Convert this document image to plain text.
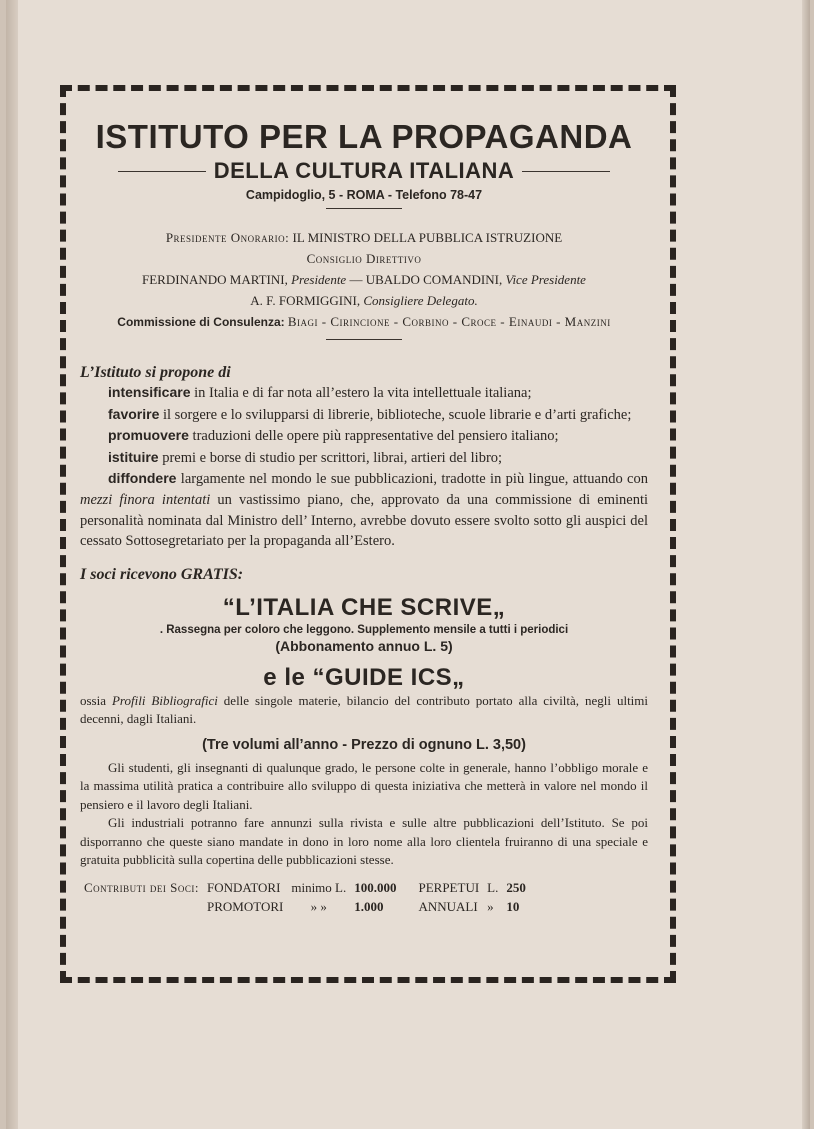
ISTITUTO PER LA PROPAGANDA
DELLA CULTURA ITALIANA
Campidoglio, 5 - ROMA - Telefono 78-47
Presidente Onorario: IL MINISTRO DELLA PUBBLICA ISTRUZIONE
Consiglio Direttivo
FERDINANDO MARTINI, Presidente — UBALDO COMANDINI, Vice Presidente
A. F. FORMIGGINI, Consigliere Delegato.
Commissione di Consulenza: Biagi - Cirincione - Corbino - Croce - Einaudi - Manzini
L’Istituto si propone di
intensificare in Italia e di far nota all’estero la vita intellettuale italiana;
favorire il sorgere e lo svilupparsi di librerie, biblioteche, scuole librarie e d’arti grafiche;
promuovere traduzioni delle opere più rappresentative del pensiero italiano;
istituire premi e borse di studio per scrittori, librai, artieri del libro;
diffondere largamente nel mondo le sue pubblicazioni, tradotte in più lingue, attuando con mezzi finora intentati un vastissimo piano, che, approvato da una commissione di eminenti personalità nominata dal Ministro dell’ Interno, avrebbe dovuto essere svolto sotto gli auspici del cessato Sottosegretariato per la propaganda all’Estero.
I soci ricevono GRATIS:
“L’ITALIA CHE SCRIVE„
. Rassegna per coloro che leggono. Supplemento mensile a tutti i periodici
(Abbonamento annuo L. 5)
e le “GUIDE ICS„
ossia Profili Bibliografici delle singole materie, bilancio del contributo portato alla civiltà, negli ultimi decenni, dagli Italiani.
(Tre volumi all’anno - Prezzo di ognuno L. 3,50)
Gli studenti, gli insegnanti di qualunque grado, le persone colte in generale, hanno l’obbligo morale e la massima utilità pratica a contribuire allo sviluppo di questa iniziativa che metterà in valore nel mondo il pensiero e il lavoro degli Italiani.
Gli industriali potranno fare annunzi sulla rivista e sulle altre pubblicazioni dell’Istituto. Se poi disporranno che queste siano mandate in dono in loro nome alla loro clientela fruiranno di una speciale e gratuita pubblicità sulla copertina delle pubblicazioni stesse.
Contributi dei Soci:	FONDATORI	minimo L.	100.000	PERPETUI	L.	250
	PROMOTORI	» »	1.000	ANNUALI	»	10
